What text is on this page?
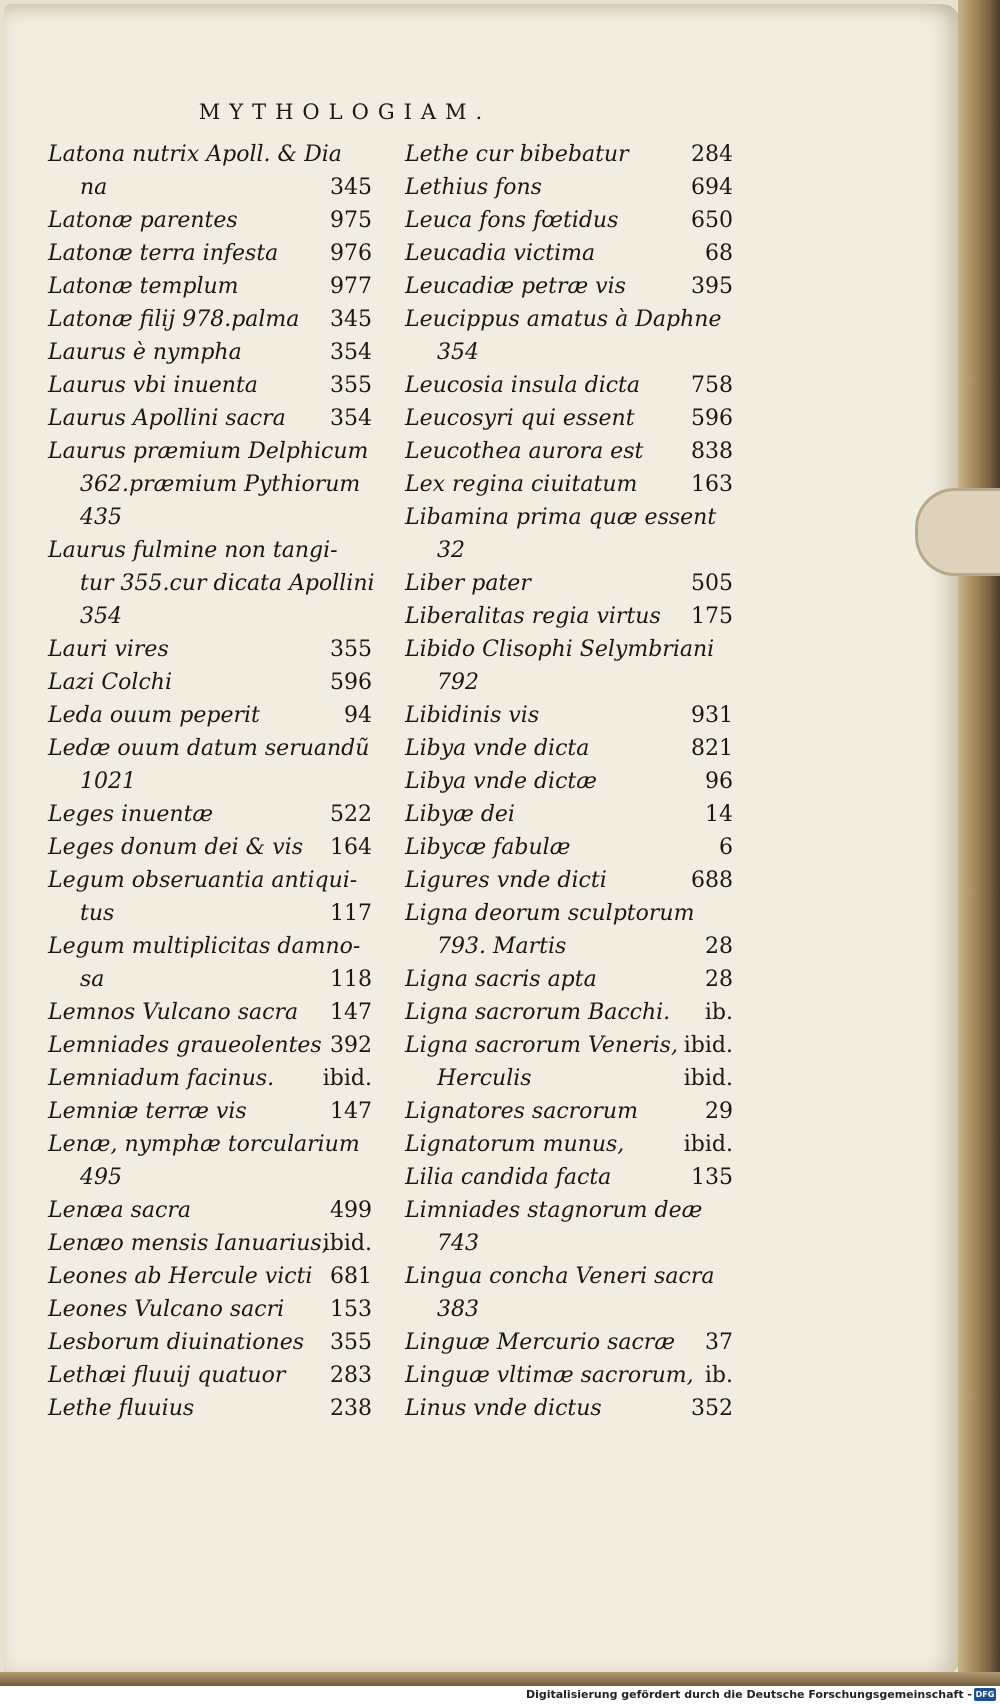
MYTHOLOGIAM.
Latona nutrix Apoll. & Dia
na	345
Latonæ parentes	975
Latonæ terra infesta 976
Latonæ templum	977
Latonæ filij 978.palma 345
Laurus è nympha	354
Laurus vbi inuenta	355
Laurus Apollini sacra 354
Laurus præmium Delphicum
362.præmium Pythiorum
435
Laurus fulmine non tangi-
tur 355.cur dicata Apollini
354
Lauri vires	355
Lazi Colchi	596
Leda ouum peperit	94
Ledæ ouum datum seruandũ
1021
Leges inuentæ	522
Leges donum dei & vis 164
Legum obseruantia antiqui-
tus	117
Legum multiplicitas damno-
sa	118
Lemnos Vulcano sacra 147
Lemniades graueolentes 392
Lemniadum facinus. ibid.
Lemniæ terræ vis	147
Lenæ, nymphæ torcularium
495
Lenæa sacra	499
Lenæo mensis Ianuarius,
ibid.
Leones ab Hercule victi 681
Leones Vulcano sacri 153
Lesborum diuinationes 355
Lethæi fluuij quatuor 283
Lethe fluuius	238
Lethe cur bibebatur	284
Lethius fons	694
Leuca fons fœtidus	650
Leucadia victima	68
Leucadiæ petræ vis	395
Leucippus amatus à Daphne
354
Leucosia insula dicta 758
Leucosyri qui essent	596
Leucothea aurora est 838
Lex regina ciuitatum 163
Libamina prima quæ essent
32
Liber pater	505
Liberalitas regia virtus 175
Libido Clisophi Selymbriani
792
Libidinis vis	931
Libya vnde dicta	821
Libya vnde dictæ	96
Libyæ dei	14
Libycæ fabulæ	6
Ligures vnde dicti	688
Ligna deorum sculptorum
793. Martis	28
Ligna sacris apta	28
Ligna sacrorum Bacchi. ib.
Ligna sacrorum Veneris, ibid.
Herculis	ibid.
Lignatores sacrorum	29
Lignatorum munus,	ibid.
Lilia candida facta	135
Limniades stagnorum deæ
743
Lingua concha Veneri sacra
383
Linguæ Mercurio sacræ 37
Linguæ vltimæ sacrorum, ib.
Linus vnde dictus	352
Digitalisierung gefördert durch die Deutsche Forschungsgemeinschaft - DFG
